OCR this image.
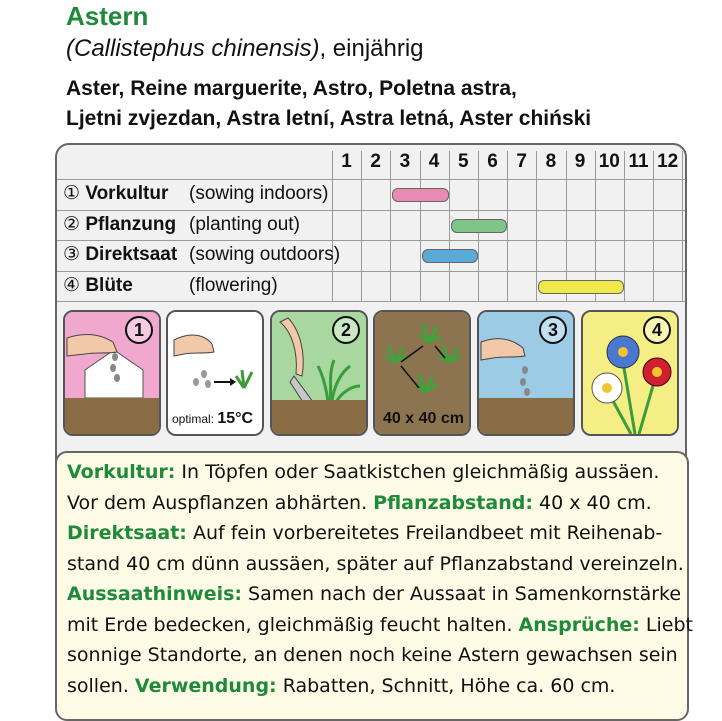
Astern
(Callistephus chinensis), einjährig
Aster, Reine marguerite, Astro, Poletna astra,
Ljetni zvjezdan, Astra letní, Astra letná, Aster chiński
1 2 3 4 5 6 7 8 9 10 11 12
① Vorkultur (sowing indoors)
② Pflanzung (planting out)
③ Direktsaat (sowing outdoors)
④ Blüte	(flowering)
1
optimal: 15°C
2
40 x 40 cm
3	4
Vorkultur: In Töpfen oder Saatkistchen gleichmäßig aussäen.
Vor dem Auspflanzen abhärten. Pflanzabstand: 40 x 40 cm.
Direktsaat: Auf fein vorbereitetes Freilandbeet mit Reihenab-
stand 40 cm dünn aussäen, später auf Pflanzabstand vereinzeln.
Aussaathinweis: Samen nach der Aussaat in Samenkornstärke
mit Erde bedecken, gleichmäßig feucht halten. Ansprüche: Liebt
sonnige Standorte, an denen noch keine Astern gewachsen sein
sollen. Verwendung: Rabatten, Schnitt, Höhe ca. 60 cm.
